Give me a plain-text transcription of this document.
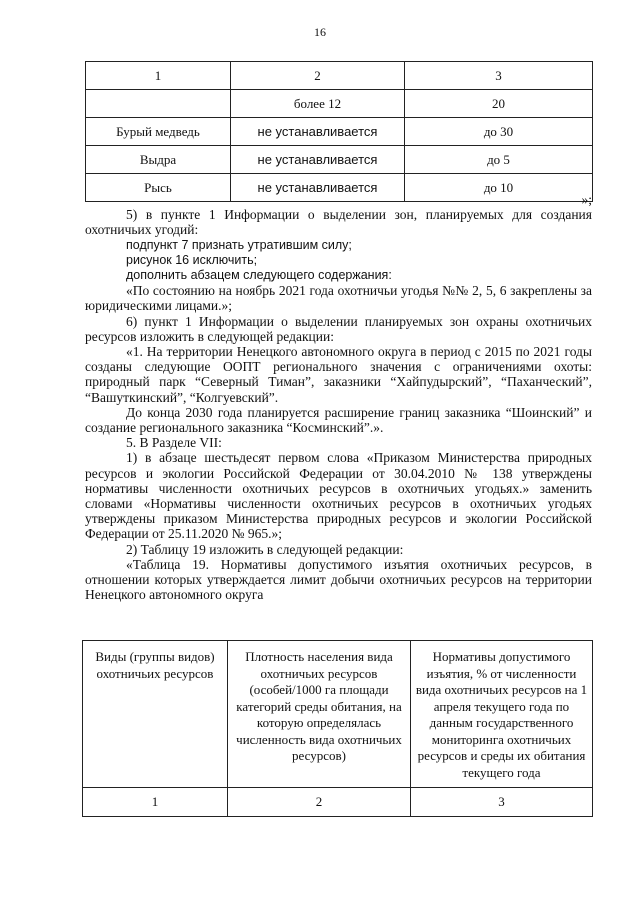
16
1	2	3
	более 12	20
Бурый медведь	не устанавливается	до 30
Выдра	не устанавливается	до 5
Рысь	не устанавливается	до 10

»;

5) в пункте 1 Информации о выделении зон, планируемых для создания охотничьих угодий:

подпункт 7 признать утратившим силу;

рисунок 16 исключить;

дополнить абзацем следующего содержания:

«По состоянию на ноябрь 2021 года охотничьи угодья №№ 2, 5, 6 закреплены за юридическими лицами.»;

6) пункт 1 Информации о выделении планируемых зон охраны охотничьих ресурсов изложить в следующей редакции:

«1. На территории Ненецкого автономного округа в период с 2015 по 2021 годы созданы следующие ООПТ регионального значения с ограничениями охоты: природный парк “Северный Тиман”, заказники “Хайпудырский”, “Паханческий”, “Вашуткинский”, “Колгуевский”.

До конца 2030 года планируется расширение границ заказника “Шоинский” и создание регионального заказника “Косминский”.».

5. В Разделе VII:

1) в абзаце шестьдесят первом слова «Приказом Министерства природных ресурсов и экологии Российской Федерации от 30.04.2010 № 138 утверждены нормативы численности охотничьих ресурсов в охотничьих угодьях.» заменить словами «Нормативы численности охотничьих ресурсов в охотничьих угодьях утверждены приказом Министерства природных ресурсов и экологии Российской Федерации от 25.11.2020 № 965.»;

2) Таблицу 19 изложить в следующей редакции:

«Таблица 19. Нормативы допустимого изъятия охотничьих ресурсов, в отношении которых утверждается лимит добычи охотничьих ресурсов на территории Ненецкого автономного округа

Виды (группы видов) охотничьих ресурсов	Плотность населения вида охотничьих ресурсов (особей/1000 га площади категорий среды обитания, на которую определялась численность вида охотничьих ресурсов)	Нормативы допустимого изъятия, % от численности вида охотничьих ресурсов на 1 апреля текущего года по данным государственного мониторинга охотничьих ресурсов и среды их обитания текущего года
1	2	3
